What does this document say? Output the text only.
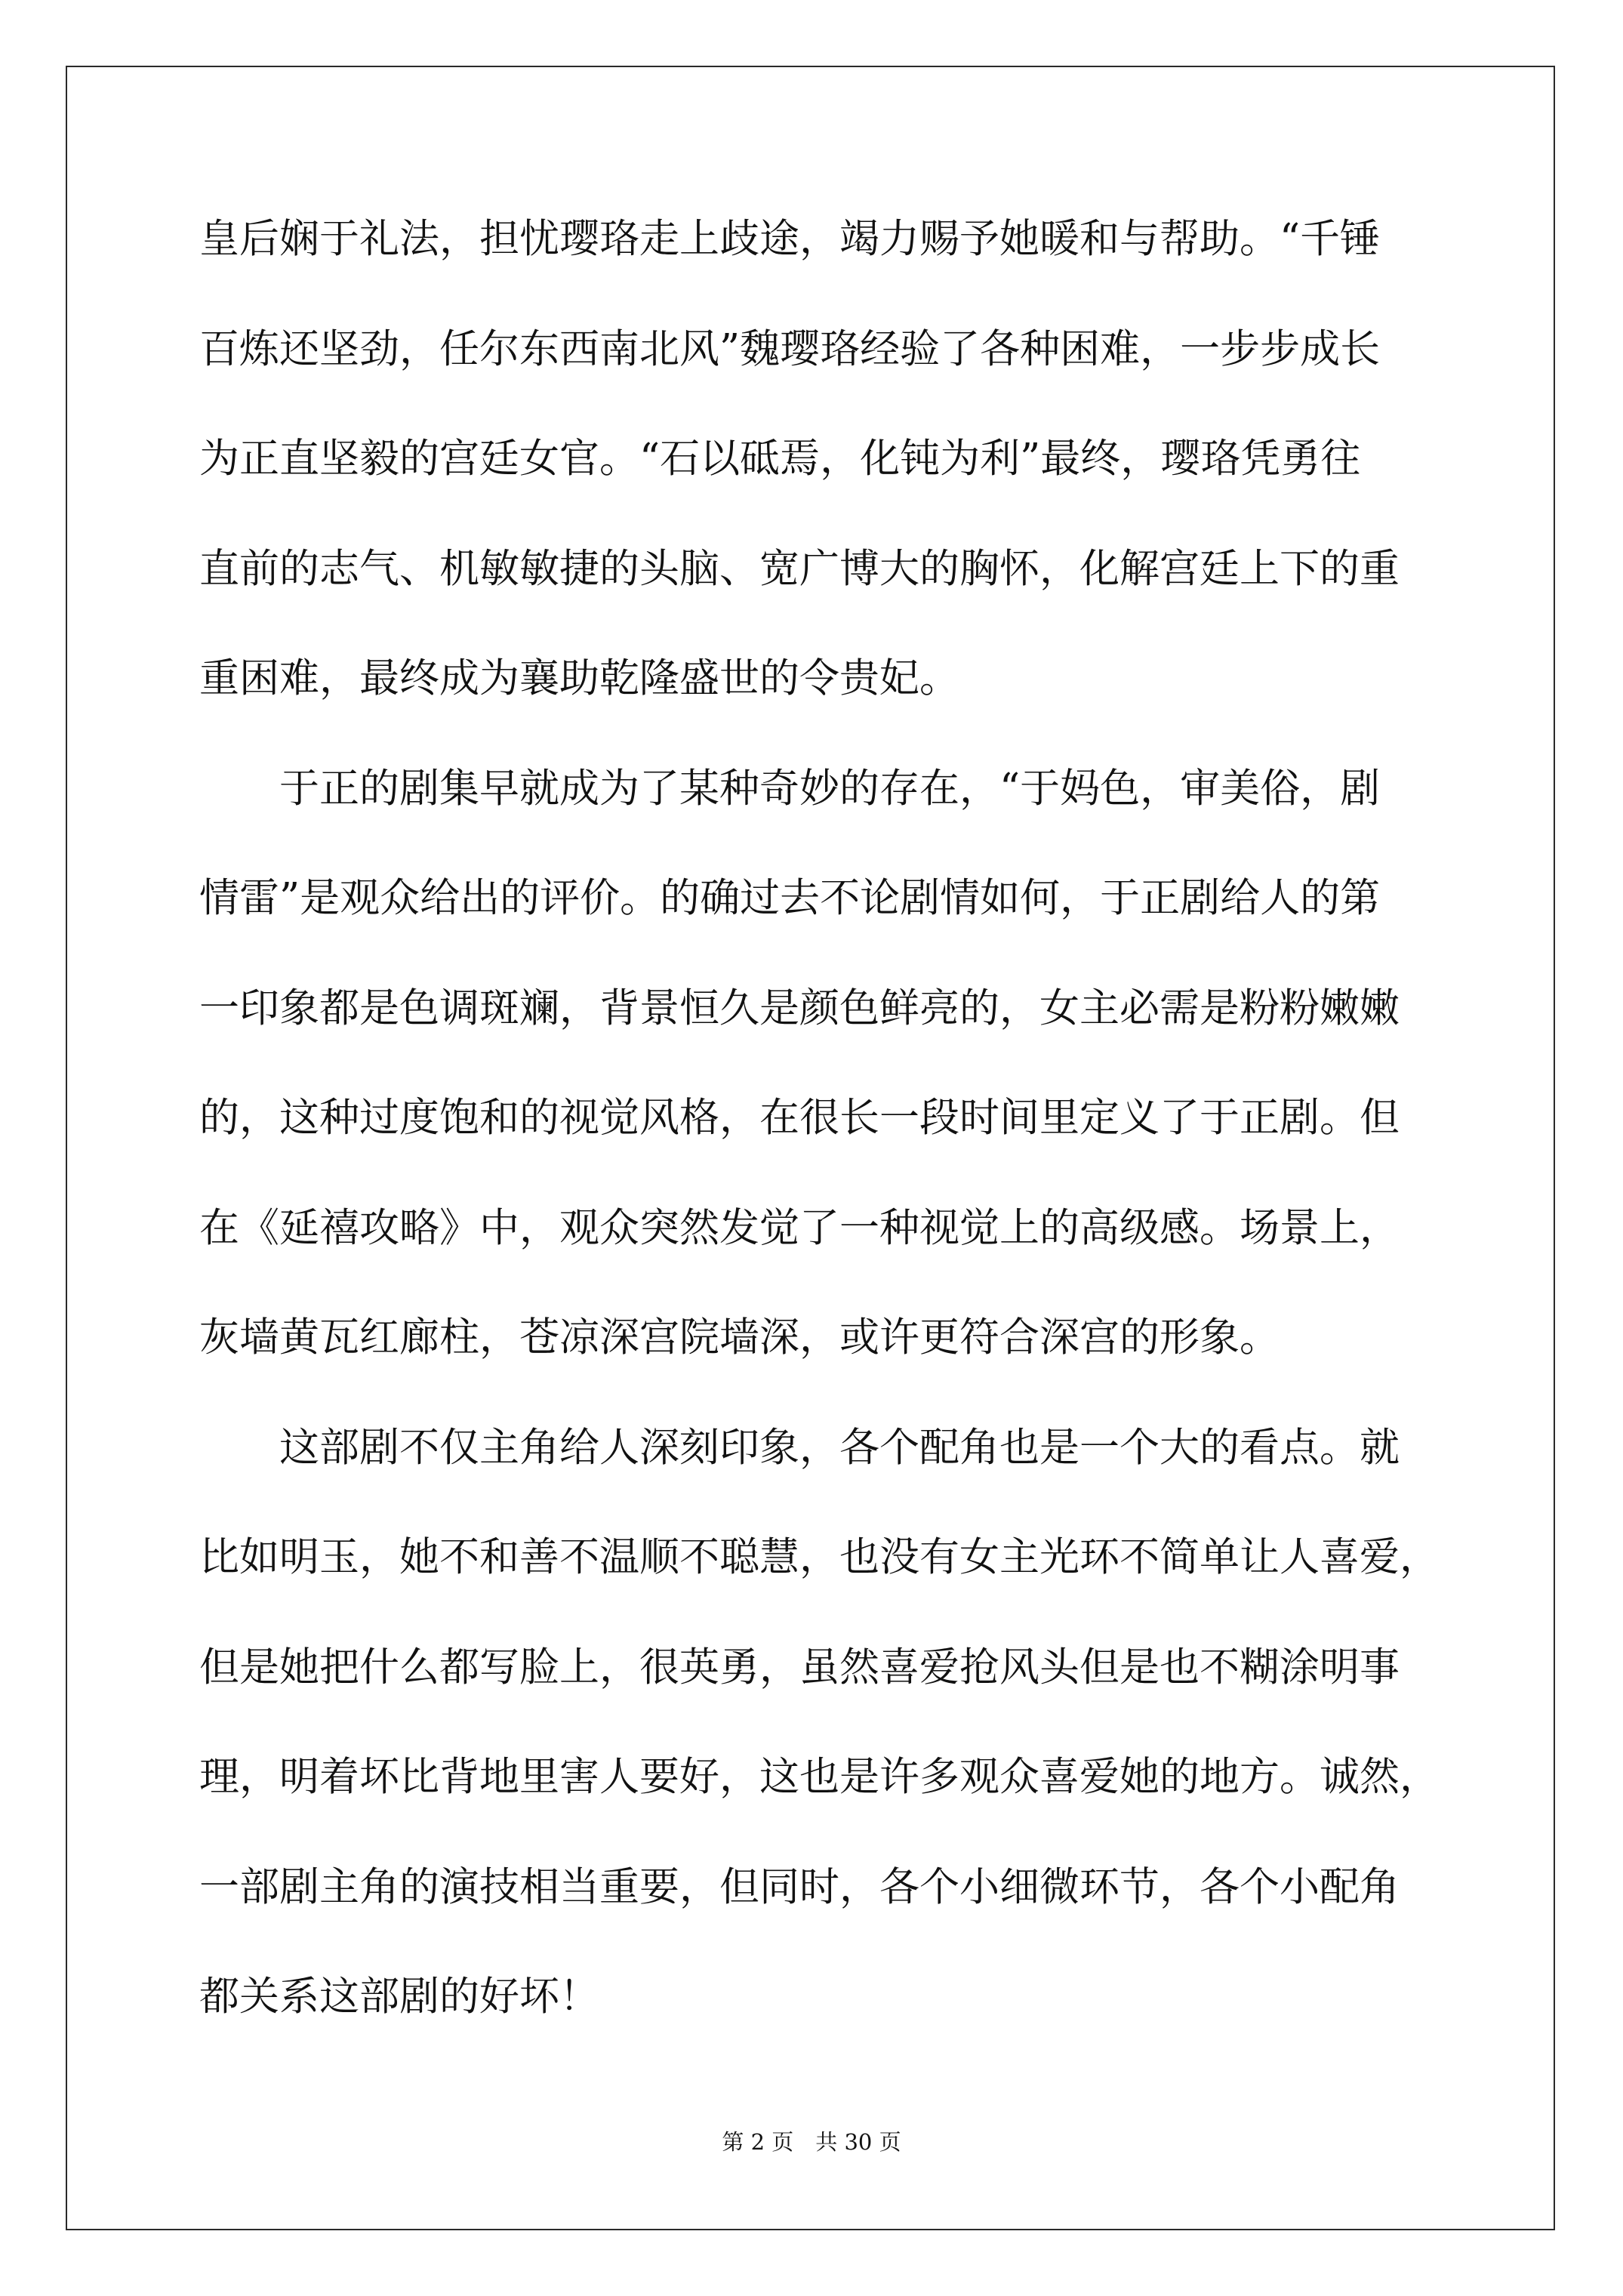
皇后娴于礼法，担忧璎珞走上歧途，竭力赐予她暖和与帮助。“千锤
百炼还坚劲，任尔东西南北风”魏璎珞经验了各种困难，一步步成长
为正直坚毅的宫廷女官。“石以砥焉，化钝为利”最终，璎珞凭勇往
直前的志气、机敏敏捷的头脑、宽广博大的胸怀，化解宫廷上下的重
重困难，最终成为襄助乾隆盛世的令贵妃。
　　于正的剧集早就成为了某种奇妙的存在，“于妈色，审美俗，剧
情雷”是观众给出的评价。的确过去不论剧情如何，于正剧给人的第
一印象都是色调斑斓，背景恒久是颜色鲜亮的，女主必需是粉粉嫩嫩
的，这种过度饱和的视觉风格，在很长一段时间里定义了于正剧。但
在《延禧攻略》中，观众突然发觉了一种视觉上的高级感。场景上，
灰墙黄瓦红廊柱，苍凉深宫院墙深，或许更符合深宫的形象。
　　这部剧不仅主角给人深刻印象，各个配角也是一个大的看点。就
比如明玉，她不和善不温顺不聪慧，也没有女主光环不简单让人喜爱，
但是她把什么都写脸上，很英勇，虽然喜爱抢风头但是也不糊涂明事
理，明着坏比背地里害人要好，这也是许多观众喜爱她的地方。诚然，
一部剧主角的演技相当重要，但同时，各个小细微环节，各个小配角
都关系这部剧的好坏！
第 2 页　共 30 页
